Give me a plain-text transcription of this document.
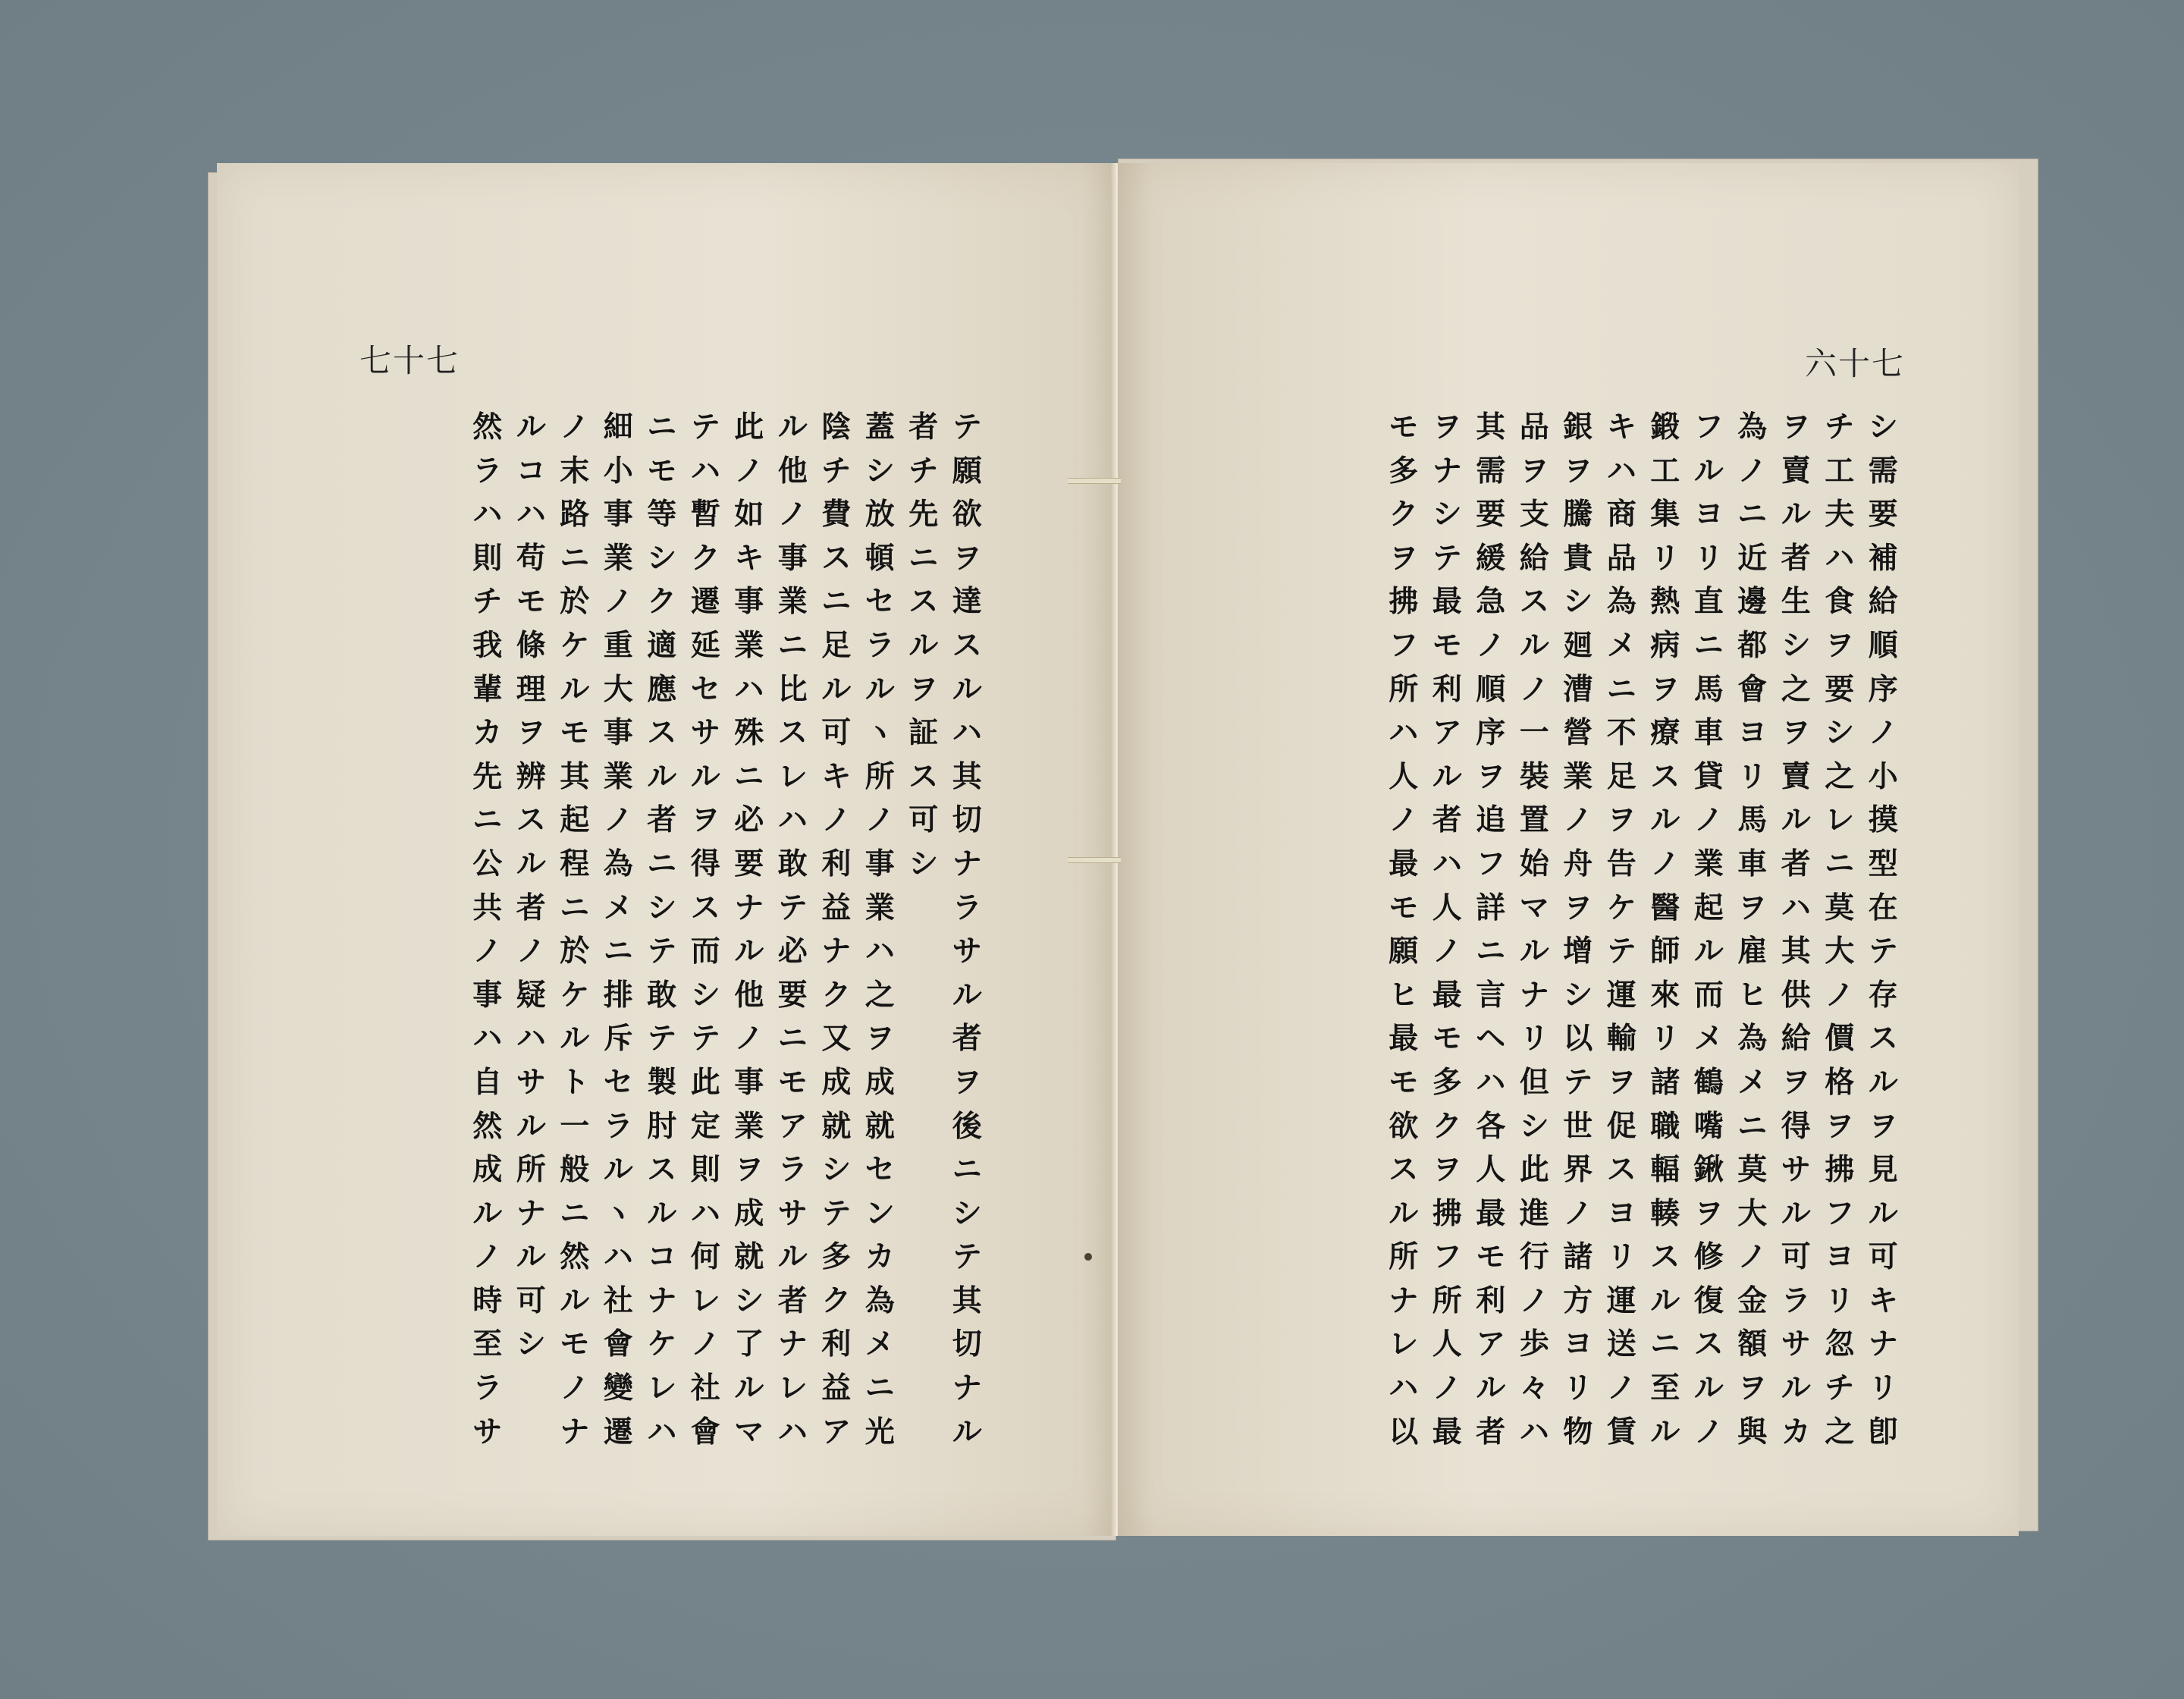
七十七
テ
願
欲
ヲ
達
ス
ル
ハ
其
切
ナ
ラ
サ
ル
者
ヲ
後
ニ
シ
テ
其
切
ナ
ル
者
チ
先
ニ
ス
ル
ヲ
証
ス
可
シ
蓋
シ
放
頓
セ
ラ
ル
ヽ
所
ノ
事
業
ハ
之
ヲ
成
就
セ
ン
カ
為
メ
ニ
光
陰
チ
費
ス
ニ
足
ル
可
キ
ノ
利
益
ナ
ク
又
成
就
シ
テ
多
ク
利
益
ア
ル
他
ノ
事
業
ニ
比
ス
レ
ハ
敢
テ
必
要
ニ
モ
ア
ラ
サ
ル
者
ナ
レ
ハ
此
ノ
如
キ
事
業
ハ
殊
ニ
必
要
ナ
ル
他
ノ
事
業
ヲ
成
就
シ
了
ル
マ
テ
ハ
暫
ク
遷
延
セ
サ
ル
ヲ
得
ス
而
シ
テ
此
定
則
ハ
何
レ
ノ
社
會
ニ
モ
等
シ
ク
適
應
ス
ル
者
ニ
シ
テ
敢
テ
製
肘
ス
ル
コ
ナ
ケ
レ
ハ
細
小
事
業
ノ
重
大
事
業
ノ
為
メ
ニ
排
斥
セ
ラ
ル
ヽ
ハ
社
會
變
遷
ノ
末
路
ニ
於
ケ
ル
モ
其
起
程
ニ
於
ケ
ル
ト
一
般
ニ
然
ル
モ
ノ
ナ
ル
コ
ハ
苟
モ
條
理
ヲ
辨
ス
ル
者
ノ
疑
ハ
サ
ル
所
ナ
ル
可
シ
然
ラ
ハ
則
チ
我
輩
カ
先
ニ
公
共
ノ
事
ハ
自
然
成
ル
ノ
時
至
ラ
サ
六十七
シ
需
要
補
給
順
序
ノ
小
摸
型
在
テ
存
ス
ル
ヲ
見
ル
可
キ
ナ
リ
卽
チ
工
夫
ハ
食
ヲ
要
シ
之
レ
ニ
莫
大
ノ
價
格
ヲ
拂
フ
ヨ
リ
忽
チ
之
ヲ
賣
ル
者
生
シ
之
ヲ
賣
ル
者
ハ
其
供
給
ヲ
得
サ
ル
可
ラ
サ
ル
カ
為
ノ
ニ
近
邊
都
會
ヨ
リ
馬
車
ヲ
雇
ヒ
為
メ
ニ
莫
大
ノ
金
額
ヲ
與
フ
ル
ヨ
リ
直
ニ
馬
車
貸
ノ
業
起
ル
而
メ
鶴
嘴
鍬
ヲ
修
復
ス
ル
ノ
鍛
工
集
リ
熱
病
ヲ
療
ス
ル
ノ
醫
師
來
リ
諸
職
輻
輳
ス
ル
ニ
至
ル
キ
ハ
商
品
為
メ
ニ
不
足
ヲ
告
ケ
テ
運
輸
ヲ
促
ス
ヨ
リ
運
送
ノ
賃
銀
ヲ
騰
貴
シ
廻
漕
營
業
ノ
舟
ヲ
增
シ
以
テ
世
界
ノ
諸
方
ヨ
リ
物
品
ヲ
支
給
ス
ル
ノ
一
裝
置
始
マ
ル
ナ
リ
但
シ
此
進
行
ノ
歩
々
ハ
其
需
要
緩
急
ノ
順
序
ヲ
追
フ
詳
ニ
言
ヘ
ハ
各
人
最
モ
利
ア
ル
者
ヲ
ナ
シ
テ
最
モ
利
ア
ル
者
ハ
人
ノ
最
モ
多
ク
ヲ
拂
フ
所
人
ノ
最
モ
多
ク
ヲ
拂
フ
所
ハ
人
ノ
最
モ
願
ヒ
最
モ
欲
ス
ル
所
ナ
レ
ハ
以
